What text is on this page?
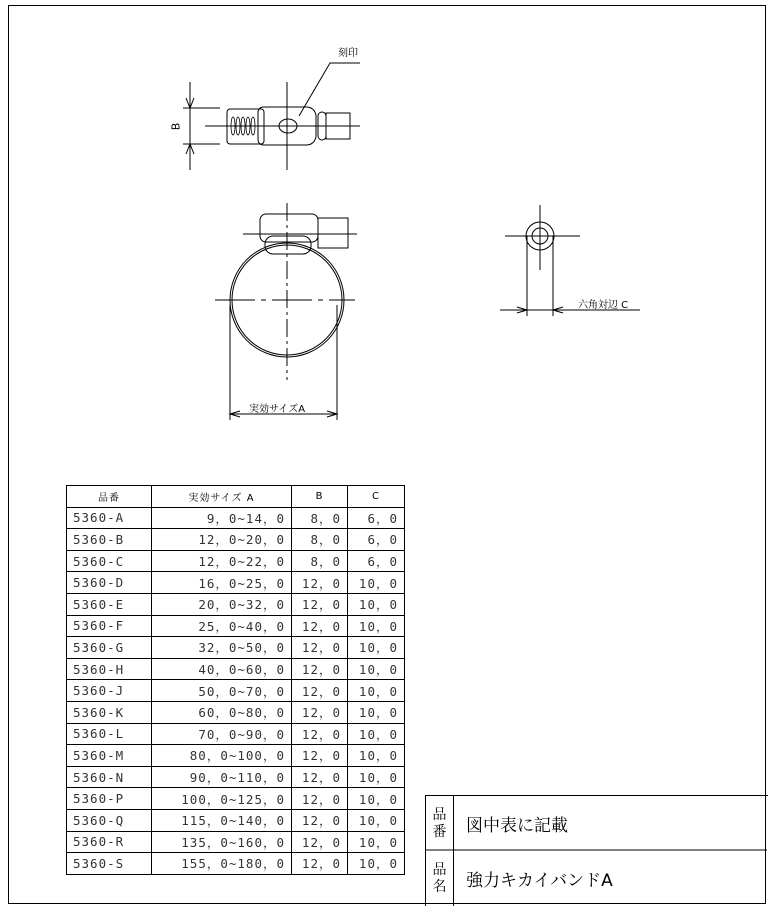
刻印
B
実効サイズA
六角対辺 C
品番	実効サイズ A	B	C
5360-A	9，0~14，0	8，0	6，0
5360-B	12，0~20，0	8，0	6，0
5360-C	12，0~22，0	8，0	6，0
5360-D	16，0~25，0	12，0	10，0
5360-E	20，0~32，0	12，0	10，0
5360-F	25，0~40，0	12，0	10，0
5360-G	32，0~50，0	12，0	10，0
5360-H	40，0~60，0	12，0	10，0
5360-J	50，0~70，0	12，0	10，0
5360-K	60，0~80，0	12，0	10，0
5360-L	70，0~90，0	12，0	10，0
5360-M	80，0~100，0	12，0	10，0
5360-N	90，0~110，0	12，0	10，0
5360-P	100，0~125，0	12，0	10，0
5360-Q	115，0~140，0	12，0	10，0
5360-R	135，0~160，0	12，0	10，0
5360-S	155，0~180，0	12，0	10，0
品
番	図中表に記載
品
名	強力キカイバンドA
